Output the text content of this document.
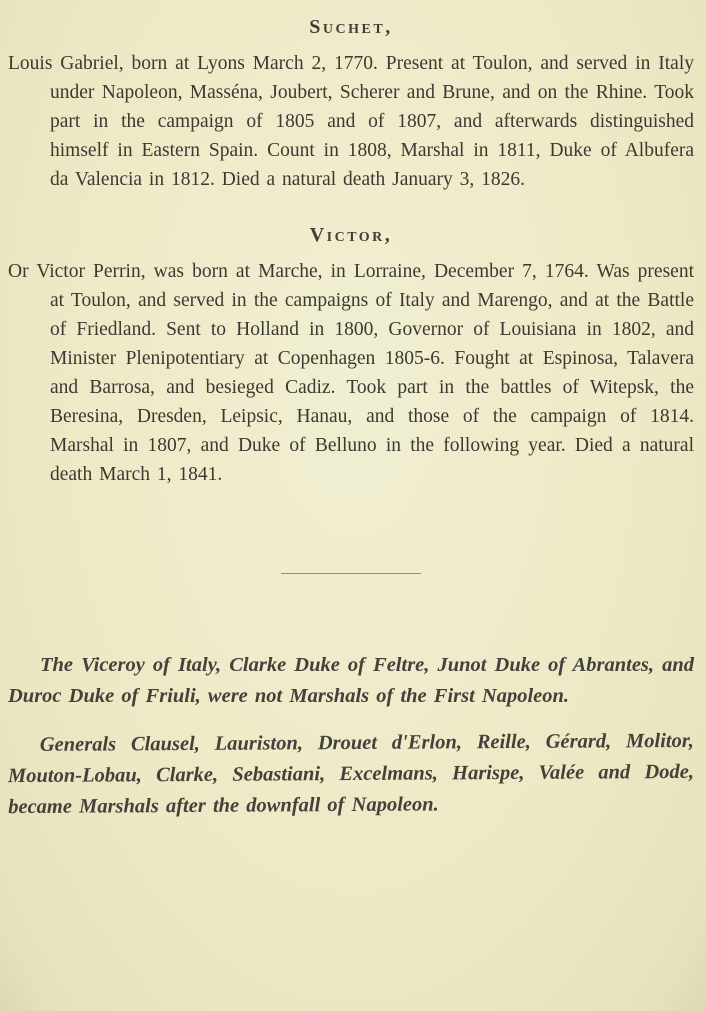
Suchet,

Louis Gabriel, born at Lyons March 2, 1770. Present at Toulon, and served in Italy under Napoleon, Masséna, Joubert, Scherer and Brune, and on the Rhine. Took part in the campaign of 1805 and of 1807, and afterwards distinguished himself in Eastern Spain. Count in 1808, Marshal in 1811, Duke of Albufera da Valencia in 1812. Died a natural death January 3, 1826.

Victor,

Or Victor Perrin, was born at Marche, in Lorraine, December 7, 1764. Was present at Toulon, and served in the campaigns of Italy and Marengo, and at the Battle of Friedland. Sent to Holland in 1800, Governor of Louisiana in 1802, and Minister Plenipotentiary at Copenhagen 1805-6. Fought at Espinosa, Talavera and Barrosa, and besieged Cadiz. Took part in the battles of Witepsk, the Beresina, Dresden, Leipsic, Hanau, and those of the campaign of 1814. Marshal in 1807, and Duke of Belluno in the following year. Died a natural death March 1, 1841.

The Viceroy of Italy, Clarke Duke of Feltre, Junot Duke of Abrantes, and Duroc Duke of Friuli, were not Marshals of the First Napoleon.

Generals Clausel, Lauriston, Drouet d'Erlon, Reille, Gérard, Molitor, Mouton-Lobau, Clarke, Sebastiani, Excelmans, Harispe, Valée and Dode, became Marshals after the downfall of Napoleon.
